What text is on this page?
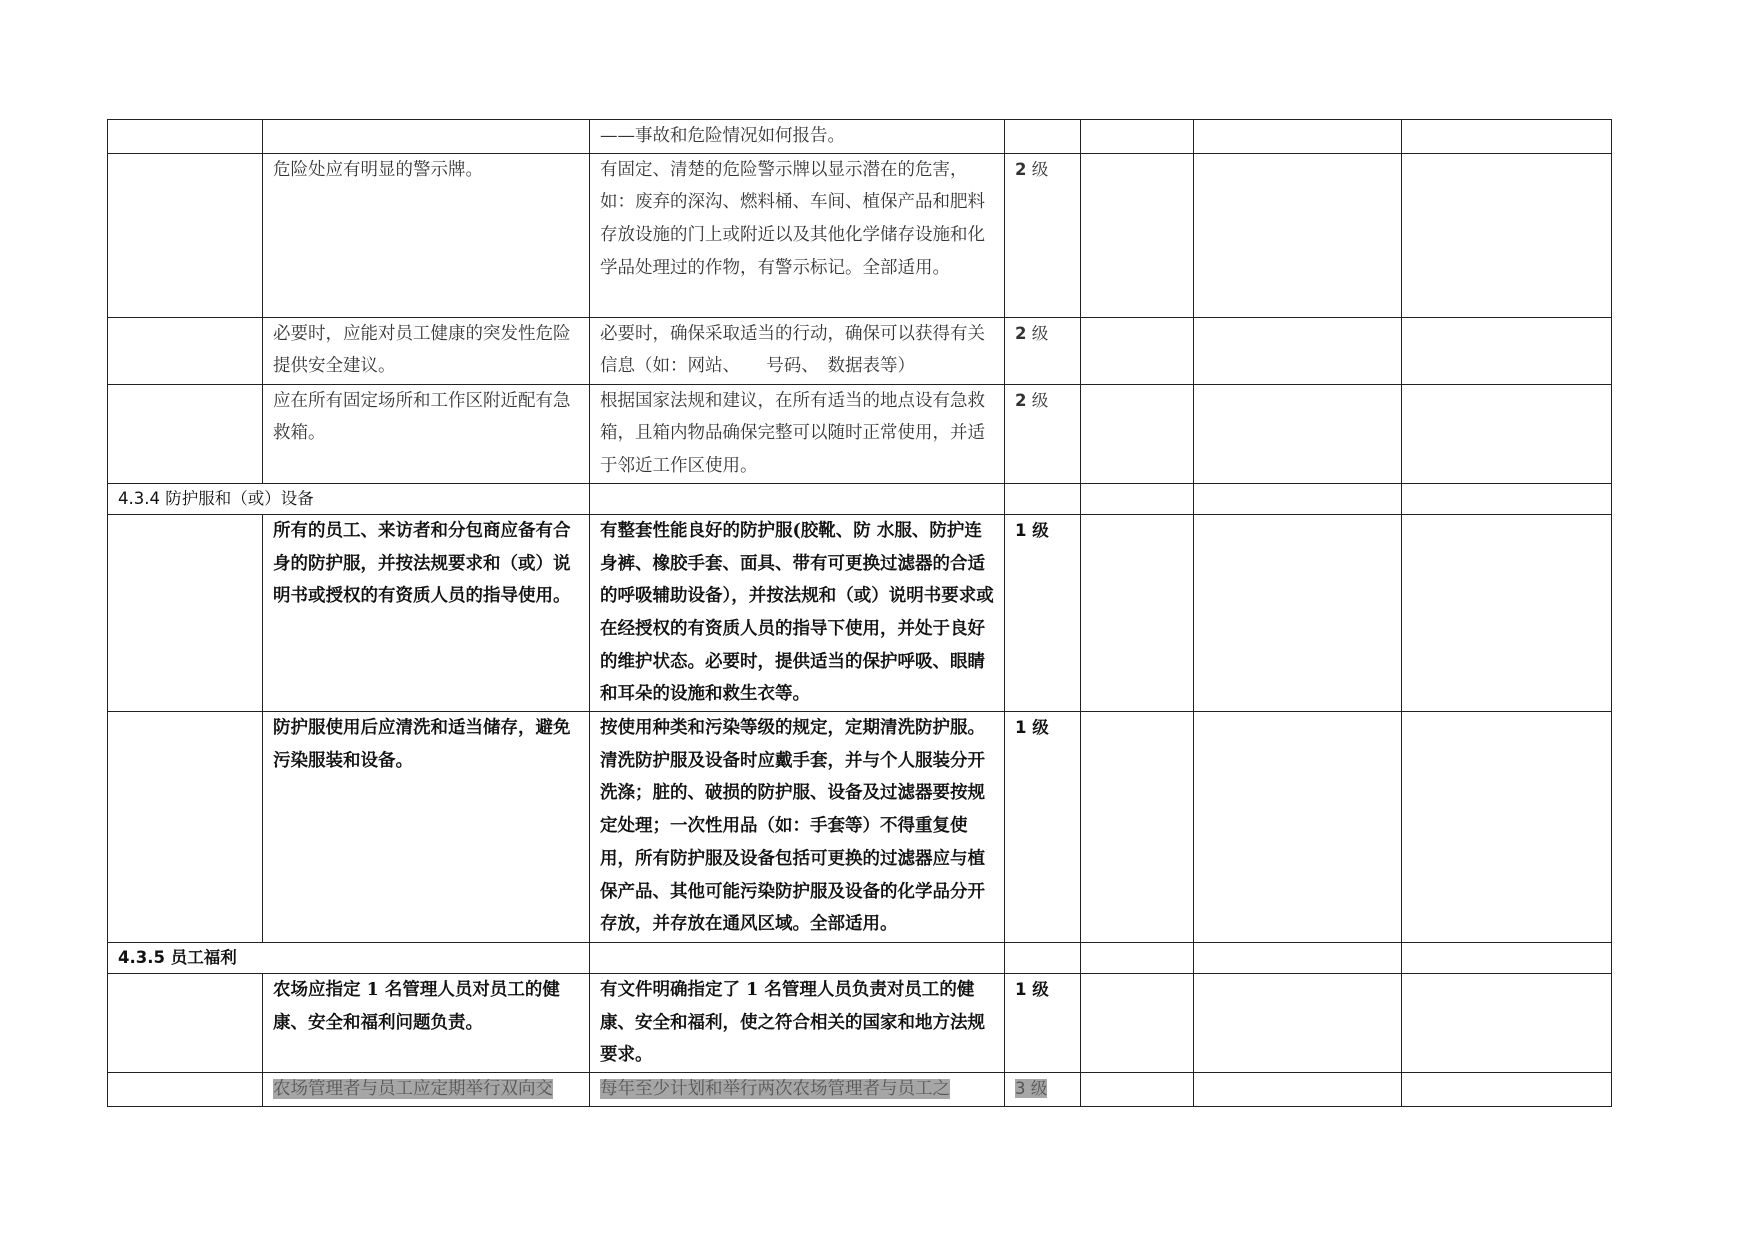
		——事故和危险情况如何报告。				
	危险处应有明显的警示牌。	有固定、清楚的危险警示牌以显示潜在的危害，如：废弃的深沟、燃料桶、车间、植保产品和肥料存放设施的门上或附近以及其他化学储存设施和化学品处理过的作物，有警示标记。全部适用。	2 级			
	必要时，应能对员工健康的突发性危险提供安全建议。	必要时，确保采取适当的行动，确保可以获得有关信息（如：网站、　　号码、　数据表等）	2 级			
	应在所有固定场所和工作区附近配有急救箱。	根据国家法规和建议，在所有适当的地点设有急救箱，且箱内物品确保完整可以随时正常使用，并适于邻近工作区使用。	2 级			
4.3.4 防护服和（或）设备						
	所有的员工、来访者和分包商应备有合身的防护服，并按法规要求和（或）说明书或授权的有资质人员的指导使用。	有整套性能良好的防护服(胶靴、防 水服、防护连身裤、橡胶手套、面具、带有可更换过滤器的合适的呼吸辅助设备），并按法规和（或）说明书要求或在经授权的有资质人员的指导下使用，并处于良好的维护状态。必要时，提供适当的保护呼吸、眼睛和耳朵的设施和救生衣等。	1 级			
	防护服使用后应清洗和适当储存，避免污染服装和设备。	按使用种类和污染等级的规定，定期清洗防护服。清洗防护服及设备时应戴手套，并与个人服装分开洗涤；脏的、破损的防护服、设备及过滤器要按规定处理；一次性用品（如：手套等）不得重复使用，所有防护服及设备包括可更换的过滤器应与植保产品、其他可能污染防护服及设备的化学品分开存放，并存放在通风区域。全部适用。	1 级			
4.3.5 员工福利						
	农场应指定 1 名管理人员对员工的健康、安全和福利问题负责。	有文件明确指定了 1 名管理人员负责对员工的健康、安全和福利，使之符合相关的国家和地方法规要求。	1 级			
	农场管理者与员工应定期举行双向交	每年至少计划和举行两次农场管理者与员工之	3 级			
